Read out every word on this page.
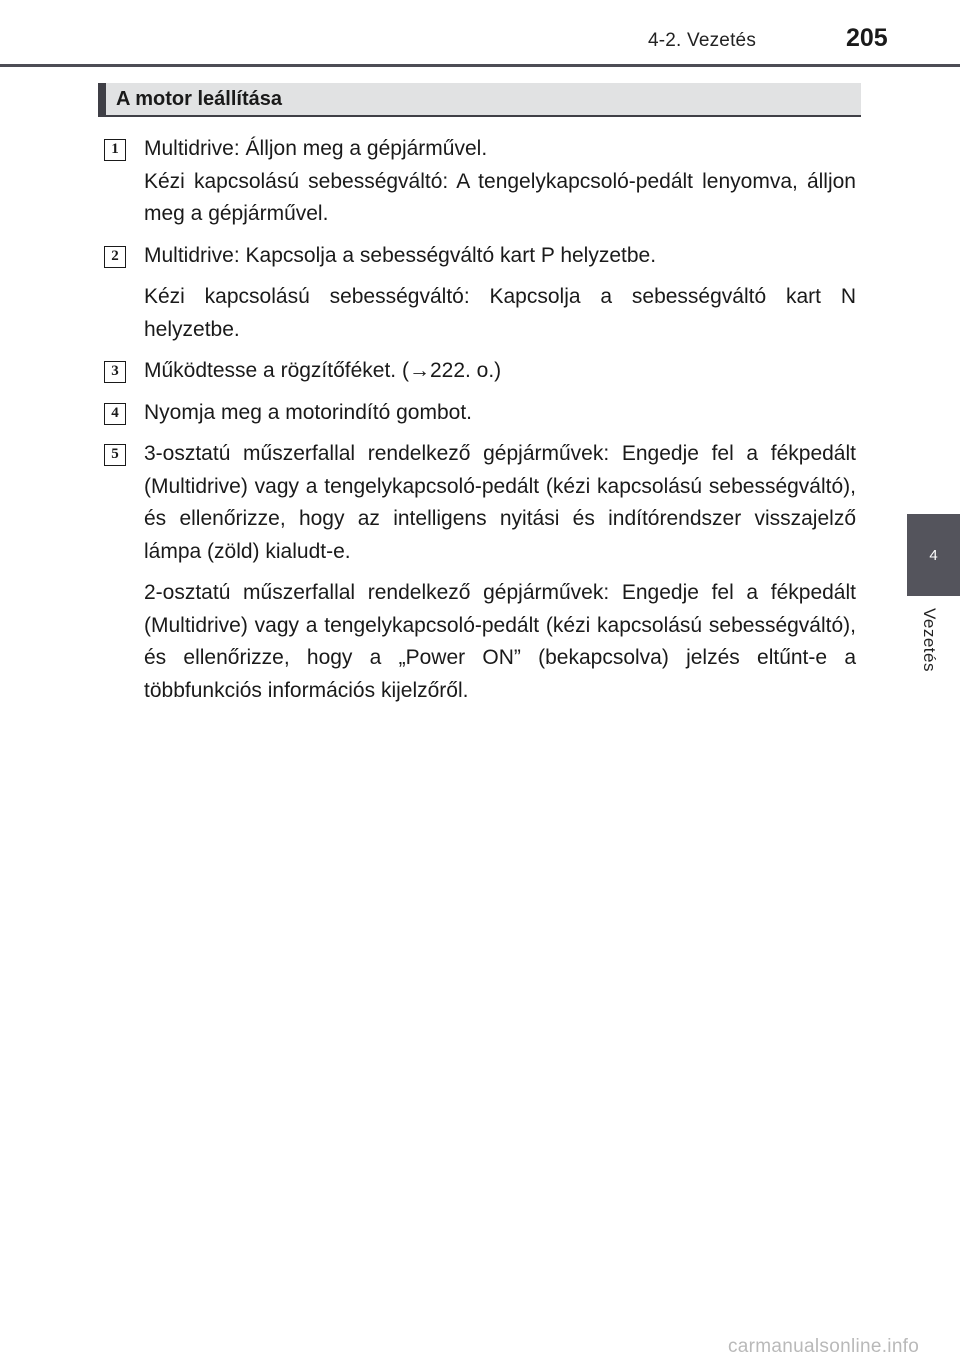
4-2. Vezetés	205
4
Vezetés
A motor leállítása
1	Multidrive: Álljon meg a gépjárművel.

Kézi kapcsolású sebességváltó: A tengelykapcsoló-pedált lenyomva, álljon meg a gépjárművel.

2	Multidrive: Kapcsolja a sebességváltó kart P helyzetbe.

Kézi kapcsolású sebességváltó: Kapcsolja a sebességváltó kart N helyzetbe.

3	Működtesse a rögzítőféket. (→222. o.)

4	Nyomja meg a motorindító gombot.

5	3-osztatú műszerfallal rendelkező gépjárművek: Engedje fel a fékpedált (Multidrive) vagy a tengelykapcsoló-pedált (kézi kapcsolású sebességváltó), és ellenőrizze, hogy az intelligens nyitási és indítórendszer visszajelző lámpa (zöld) kialudt-e.

2-osztatú műszerfallal rendelkező gépjárművek: Engedje fel a fékpedált (Multidrive) vagy a tengelykapcsoló-pedált (kézi kapcsolású sebességváltó), és ellenőrizze, hogy a „Power ON” (bekapcsolva) jelzés eltűnt-e a többfunkciós információs kijelzőről.

carmanualsonline.info
